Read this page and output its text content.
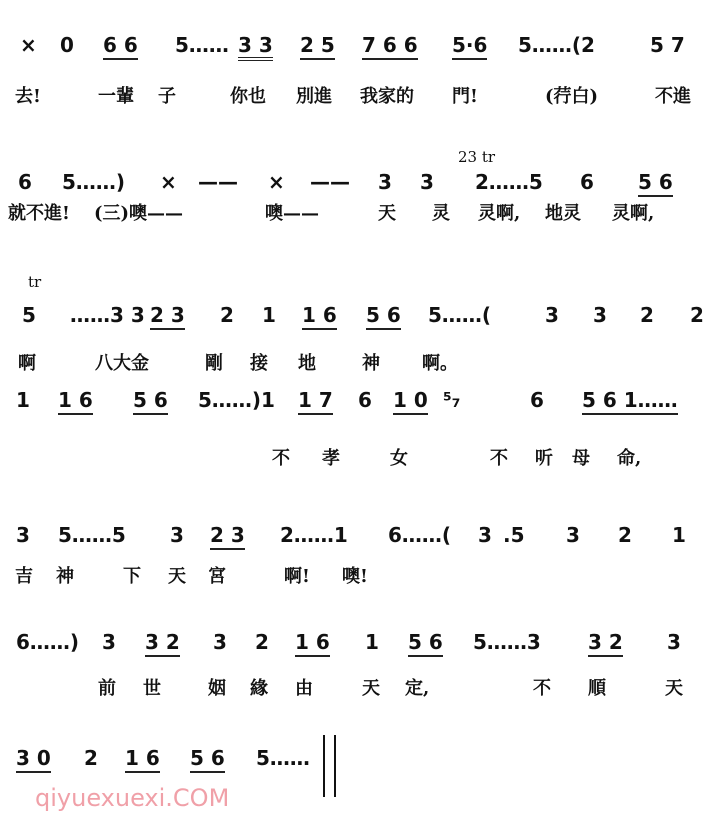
qiyuexuexi.COM
× 0 6 6 5…… 3 3 2 5 7 6 6 5·6 5……(2	5 7
去!	一輩 子	你也 別進 我家的 門!	(荇白)	不進
6 5……) × —— × —— 3 3 2……5 6 5 6
23 tr
就不進! (三)噢——	噢——	天 灵 灵啊, 地灵 灵啊,
5 ……3 3 2 3 2 1 1 6 5 6 5……(	3 3 2 2
tr
啊	八大金	剛 接 地	神 啊。
1 1 6 5 6 5……)1 1 7 6 1 0 ⁵₇	6 5 6 1……
不 孝	女	不 听 母 命,
3 5……5 3 2 3 2……1 6……( 3 .5 3 2 1
吉 神	下 天 宮	啊! 噢!
6……) 3 3 2 3 2 1 6 1 5 6 5……3 3 2 3
前 世	姻 緣 由	天 定,	不 順	天
3 0 2 1 6 5 6 5……
